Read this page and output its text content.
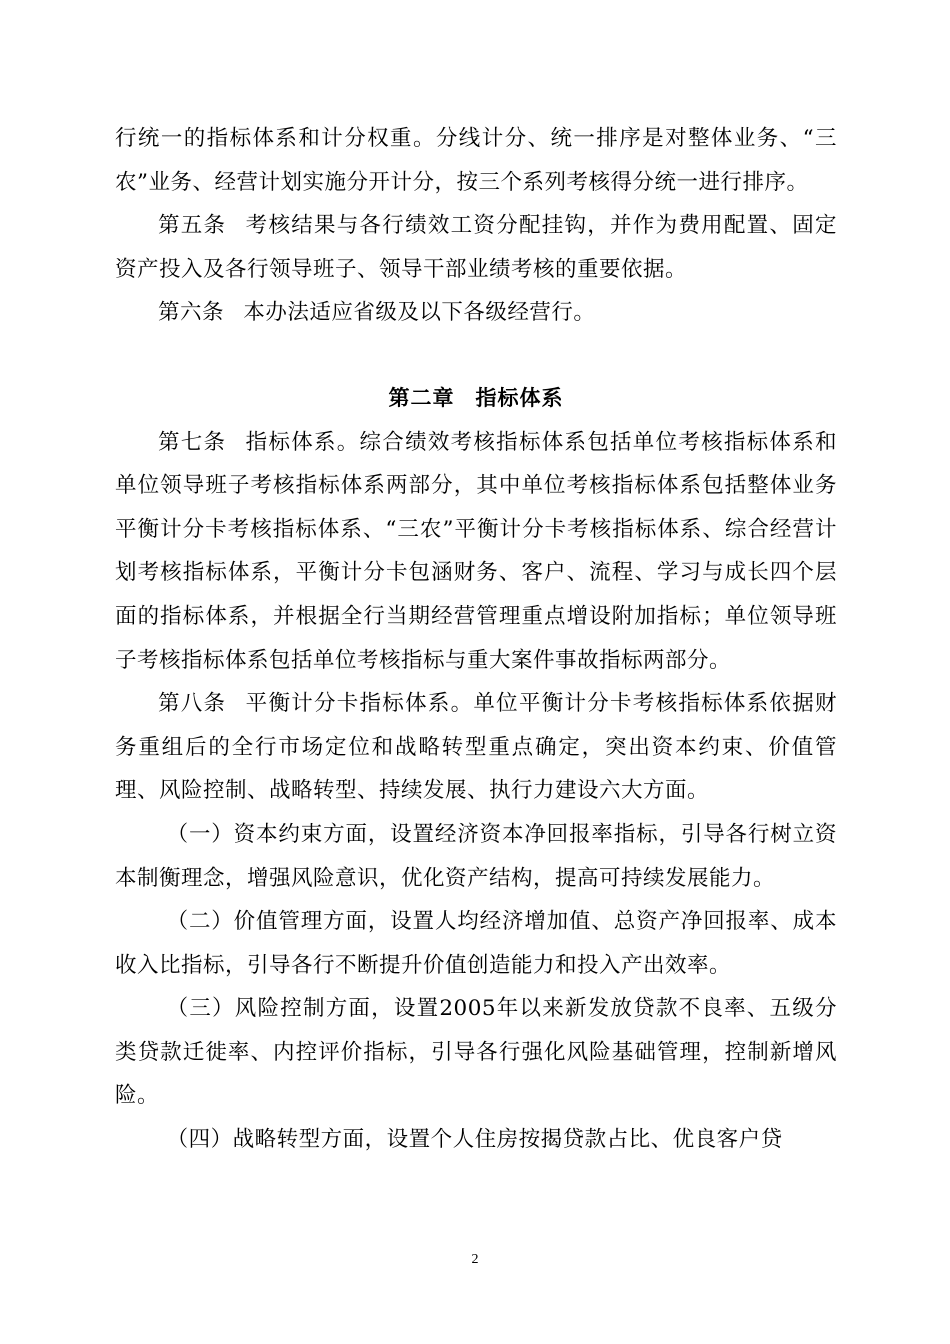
行统一的指标体系和计分权重。分线计分、统一排序是对整体业务、“三农”业务、经营计划实施分开计分，按三个系列考核得分统一进行排序。

第五条 考核结果与各行绩效工资分配挂钩，并作为费用配置、固定资产投入及各行领导班子、领导干部业绩考核的重要依据。

第六条 本办法适应省级及以下各级经营行。

第二章 指标体系

第七条 指标体系。综合绩效考核指标体系包括单位考核指标体系和单位领导班子考核指标体系两部分，其中单位考核指标体系包括整体业务平衡计分卡考核指标体系、“三农”平衡计分卡考核指标体系、综合经营计划考核指标体系，平衡计分卡包涵财务、客户、流程、学习与成长四个层面的指标体系，并根据全行当期经营管理重点增设附加指标；单位领导班子考核指标体系包括单位考核指标与重大案件事故指标两部分。

第八条 平衡计分卡指标体系。单位平衡计分卡考核指标体系依据财务重组后的全行市场定位和战略转型重点确定，突出资本约束、价值管理、风险控制、战略转型、持续发展、执行力建设六大方面。

（一）资本约束方面，设置经济资本净回报率指标，引导各行树立资本制衡理念，增强风险意识，优化资产结构，提高可持续发展能力。

（二）价值管理方面，设置人均经济增加值、总资产净回报率、成本收入比指标，引导各行不断提升价值创造能力和投入产出效率。

（三）风险控制方面，设置2005年以来新发放贷款不良率、五级分类贷款迁徙率、内控评价指标，引导各行强化风险基础管理，控制新增风险。

（四）战略转型方面，设置个人住房按揭贷款占比、优良客户贷

2
